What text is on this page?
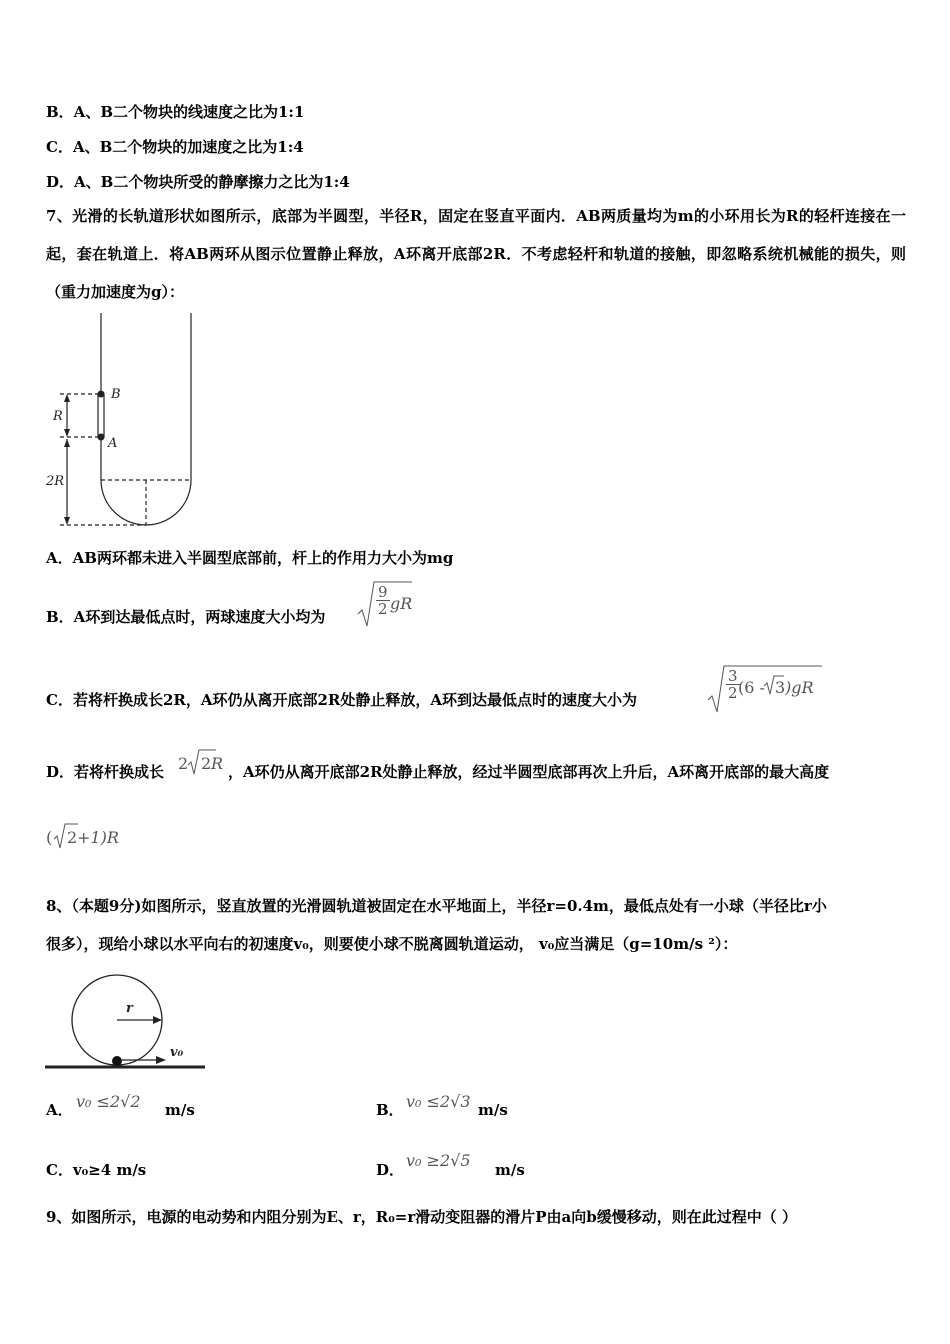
B．A、B二个物块的线速度之比为1:1
C．A、B二个物块的加速度之比为1:4
D．A、B二个物块所受的静摩擦力之比为1:4
7、光滑的长轨道形状如图所示，底部为半圆型，半径R，固定在竖直平面内．AB两质量均为m的小环用长为R的轻杆连接在一起，套在轨道上．将AB两环从图示位置静止释放，A环离开底部2R．不考虑轻杆和轨道的接触，即忽略系统机械能的损失，则（重力加速度为g）：
B
A
R
2R
A．AB两环都未进入半圆型底部前，杆上的作用力大小为mg
B．A环到达最低点时，两球速度大小均为	$\frac{9}{2}$ gR
C．若将杆换成长2R，A环仍从离开底部2R处静止释放，A环到达最低点时的速度大小为	$\frac{3}{2}$
(6 - 3 )gR
D．若将杆换成长 2 2 R ，A环仍从离开底部2R处静止释放，经过半圆型底部再次上升后，A环离开底部的最大高度
( 2 +1)R
8、（本题9分)如图所示，竖直放置的光滑圆轨道被固定在水平地面上，半径r=0.4m，最低点处有一小球（半径比r小
很多），现给小球以水平向右的初速度v₀，则要使小球不脱离圆轨道运动， v₀应当满足（g=10m/s ²）：
r
v₀
A． v₀ ≤2√2 m/s	B． v₀ ≤2√3 m/s
C．v₀≥4 m/s	D． v₀ ≥2√5 m/s
9、如图所示，电源的电动势和内阻分别为E、r，R₀=r滑动变阻器的滑片P由a向b缓慢移动，则在此过程中（ ）
